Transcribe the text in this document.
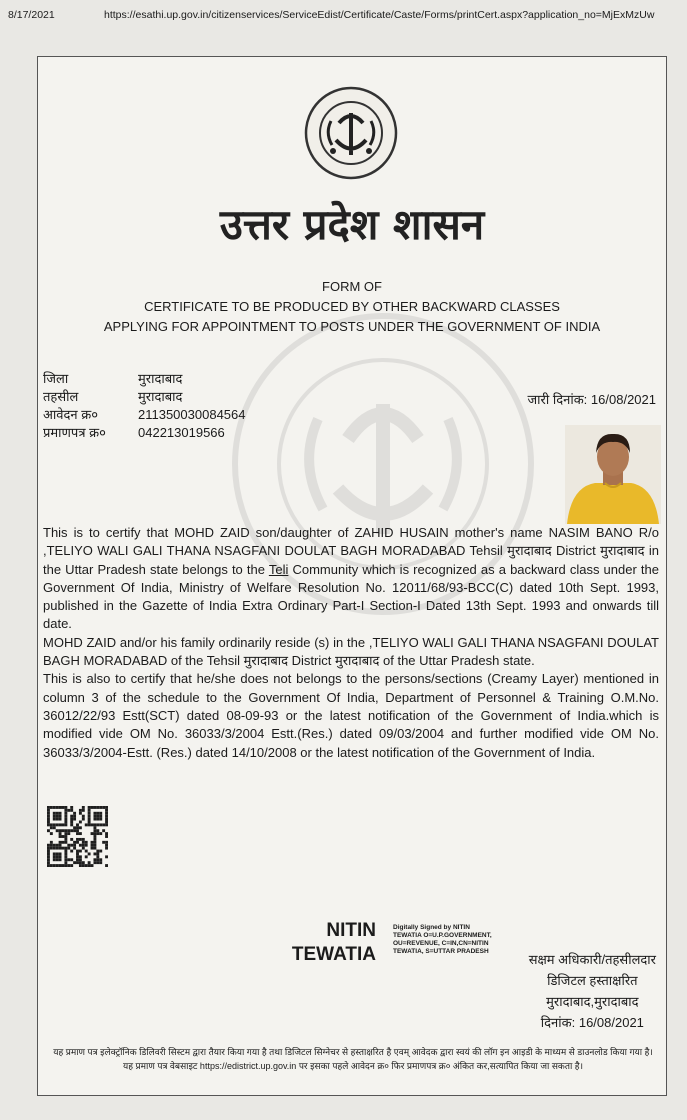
8/17/2021	https://esathi.up.gov.in/citizenservices/ServiceEdist/Certificate/Caste/Forms/printCert.aspx?application_no=MjExMzUw
उत्तर प्रदेश शासन
FORM OF
CERTIFICATE TO BE PRODUCED BY OTHER BACKWARD CLASSES
APPLYING FOR APPOINTMENT TO POSTS UNDER THE GOVERNMENT OF INDIA
जिला	मुरादाबाद
तहसील	मुरादाबाद
आवेदन क्र०	211350030084564
प्रमाणपत्र क्र० 042213019566
जारी दिनांक: 16/08/2021

This is to certify that MOHD ZAID son/daughter of ZAHID HUSAIN mother's name NASIM BANO R/o ,TELIYO WALI GALI THANA NSAGFANI DOULAT BAGH MORADABAD Tehsil मुरादाबाद District मुरादाबाद in the Uttar Pradesh state belongs to the Teli Community which is recognized as a backward class under the Government Of India, Ministry of Welfare Resolution No. 12011/68/93-BCC(C) dated 10th Sept. 1993, published in the Gazette of India Extra Ordinary Part-I Section-I Dated 13th Sept. 1993 and onwards till date.

MOHD ZAID and/or his family ordinarily reside (s) in the ,TELIYO WALI GALI THANA NSAGFANI DOULAT BAGH MORADABAD of the Tehsil मुरादाबाद District मुरादाबाद of the Uttar Pradesh state.

This is also to certify that he/she does not belongs to the persons/sections (Creamy Layer) mentioned in column 3 of the schedule to the Government Of India, Department of Personnel & Training O.M.No. 36012/22/93 Estt(SCT) dated 08-09-93 or the latest notification of the Government of India.which is modified vide OM No. 36033/3/2004 Estt.(Res.) dated 09/03/2004 and further modified vide OM No. 36033/3/2004-Estt. (Res.) dated 14/10/2008 or the latest notification of the Government of India.

NITIN
TEWATIA
Digitally Signed by NITIN TEWATIA O=U.P.GOVERNMENT, OU=REVENUE, C=IN,CN=NITIN TEWATIA, S=UTTAR PRADESH
सक्षम अधिकारी/तहसीलदार
डिजिटल हस्ताक्षरित
मुरादाबाद,मुरादाबाद
दिनांक: 16/08/2021
यह प्रमाण पत्र इलेक्ट्रॉनिक डिलिवरी सिस्टम द्वारा तैयार किया गया है तथा डिजिटल सिग्नेचर से हस्ताक्षरित है एवम् आवेदक द्वारा स्वयं की लॉग इन आइडी के माध्यम से डाउनलोड किया गया है। यह प्रमाण पत्र वेबसाइट https://edistrict.up.gov.in पर इसका पहले आवेदन क्र० फिर प्रमाणपत्र क्र० अंकित कर,सत्यापित किया जा सकता है।
